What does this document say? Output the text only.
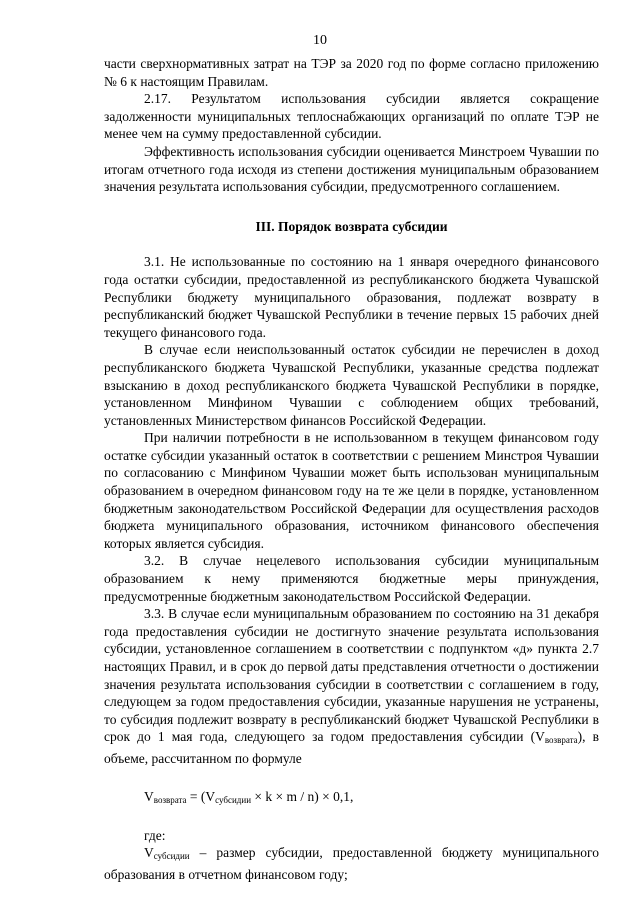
10

части сверхнормативных затрат на ТЭР за 2020 год по форме согласно приложению № 6 к настоящим Правилам.

2.17. Результатом использования субсидии является сокращение задолженности муниципальных теплоснабжающих организаций по оплате ТЭР не менее чем на сумму предоставленной субсидии.

Эффективность использования субсидии оценивается Минстроем Чувашии по итогам отчетного года исходя из степени достижения муниципальным образованием значения результата использования субсидии, предусмотренного соглашением.

III. Порядок возврата субсидии

3.1. Не использованные по состоянию на 1 января очередного финансового года остатки субсидии, предоставленной из республиканского бюджета Чувашской Республики бюджету муниципального образования, подлежат возврату в республиканский бюджет Чувашской Республики в течение первых 15 рабочих дней текущего финансового года.

В случае если неиспользованный остаток субсидии не перечислен в доход республиканского бюджета Чувашской Республики, указанные средства подлежат взысканию в доход республиканского бюджета Чувашской Республики в порядке, установленном Минфином Чувашии с соблюдением общих требований, установленных Министерством финансов Российской Федерации.

При наличии потребности в не использованном в текущем финансовом году остатке субсидии указанный остаток в соответствии с решением Минстроя Чувашии по согласованию с Минфином Чувашии может быть использован муниципальным образованием в очередном финансовом году на те же цели в порядке, установленном бюджетным законодательством Российской Федерации для осуществления расходов бюджета муниципального образования, источником финансового обеспечения которых является субсидия.

3.2. В случае нецелевого использования субсидии муниципальным образованием к нему применяются бюджетные меры принуждения, предусмотренные бюджетным законодательством Российской Федерации.

3.3. В случае если муниципальным образованием по состоянию на 31 декабря года предоставления субсидии не достигнуто значение результата использования субсидии, установленное соглашением в соответствии с подпунктом «д» пункта 2.7 настоящих Правил, и в срок до первой даты представления отчетности о достижении значения результата использования субсидии в соответствии с соглашением в году, следующем за годом предоставления субсидии, указанные нарушения не устранены, то субсидия подлежит возврату в республиканский бюджет Чувашской Республики в срок до 1 мая года, следующего за годом предоставления субсидии $(V_{возврата})$, в объеме, рассчитанном по формуле

$V_{возврата} = (V_{субсидии} \times k \times m / n) \times 0,1$,

где:

$V_{субсидии}$ – размер субсидии, предоставленной бюджету муниципального образования в отчетном финансовом году;
